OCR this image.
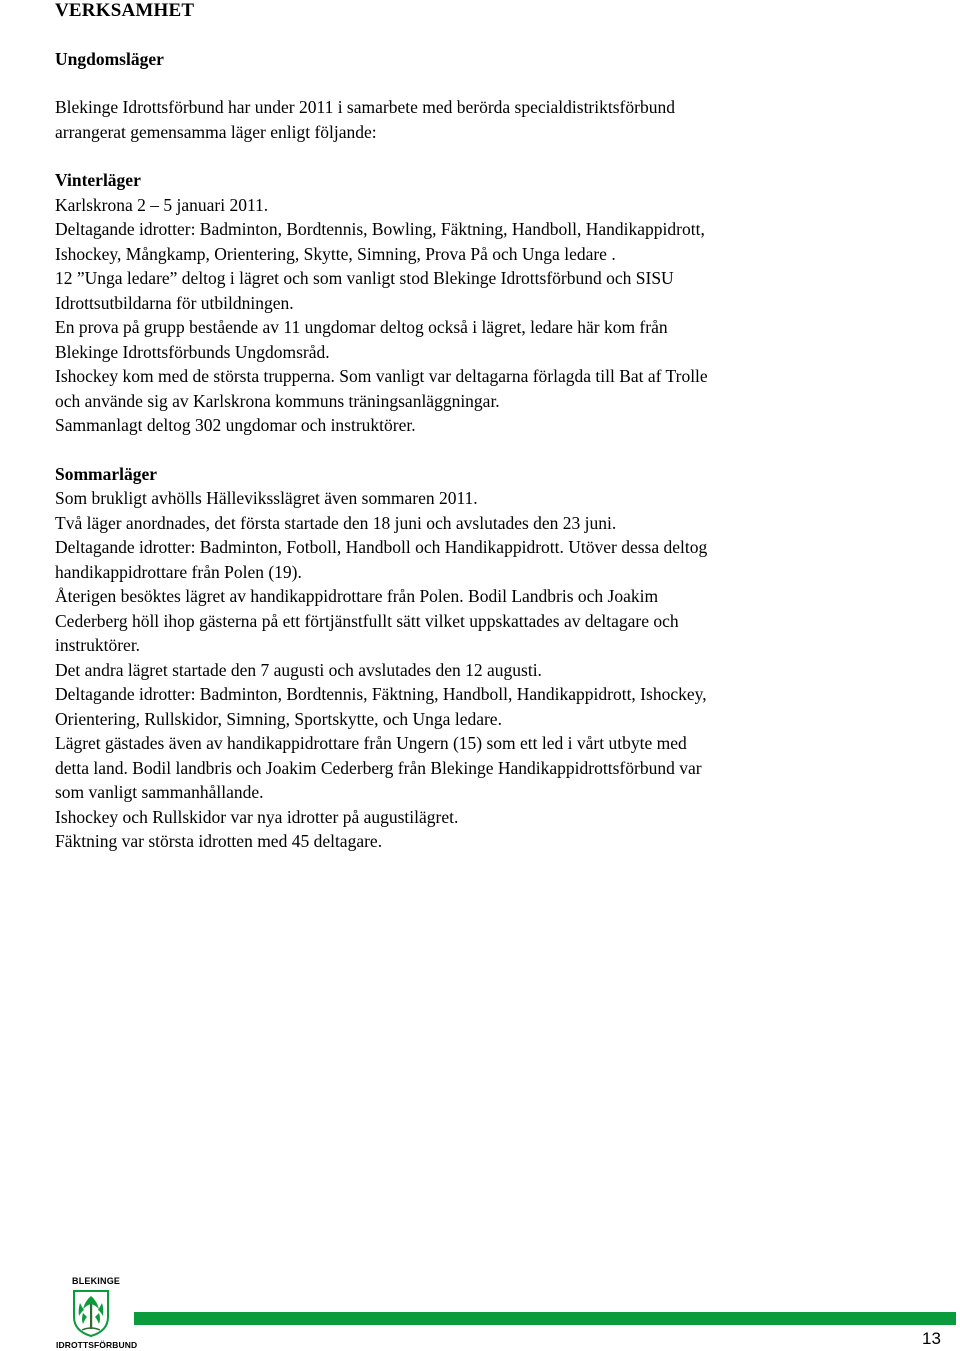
VERKSAMHET
Ungdomsläger
Blekinge Idrottsförbund har under 2011 i samarbete med berörda specialdistriktsförbund
arrangerat gemensamma läger enligt följande:

Vinterläger

Karlskrona 2 – 5 januari 2011.
Deltagande idrotter: Badminton, Bordtennis, Bowling, Fäktning, Handboll, Handikappidrott,
Ishockey, Mångkamp, Orientering, Skytte, Simning, Prova På och Unga ledare .
12 ”Unga ledare” deltog i lägret och som vanligt stod Blekinge Idrottsförbund och SISU
Idrottsutbildarna för utbildningen.
En prova på grupp bestående av 11 ungdomar deltog också i lägret, ledare här kom från
Blekinge Idrottsförbunds Ungdomsråd.
Ishockey kom med de största trupperna. Som vanligt var deltagarna förlagda till Bat af Trolle
och använde sig av Karlskrona kommuns träningsanläggningar.
Sammanlagt deltog 302 ungdomar och instruktörer.

Sommarläger

Som brukligt avhölls Hälleviksslägret även sommaren 2011.
Två läger anordnades, det första startade den 18 juni och avslutades den 23 juni.
Deltagande idrotter: Badminton, Fotboll, Handboll och Handikappidrott. Utöver dessa deltog
handikappidrottare från Polen (19).
Återigen besöktes lägret av handikappidrottare från Polen. Bodil Landbris och Joakim
Cederberg höll ihop gästerna på ett förtjänstfullt sätt vilket uppskattades av deltagare och
instruktörer.
Det andra lägret startade den 7 augusti och avslutades den 12 augusti.
Deltagande idrotter: Badminton, Bordtennis, Fäktning, Handboll, Handikappidrott, Ishockey,
Orientering, Rullskidor, Simning, Sportskytte, och Unga ledare.
Lägret gästades även av handikappidrottare från Ungern (15) som ett led i vårt utbyte med
detta land. Bodil landbris och Joakim Cederberg från Blekinge Handikappidrottsförbund var
som vanligt sammanhållande.
Ishockey och Rullskidor var nya idrotter på augustilägret.
Fäktning var största idrotten med 45 deltagare.
BLEKINGE
IDROTTSFÖRBUND	13
